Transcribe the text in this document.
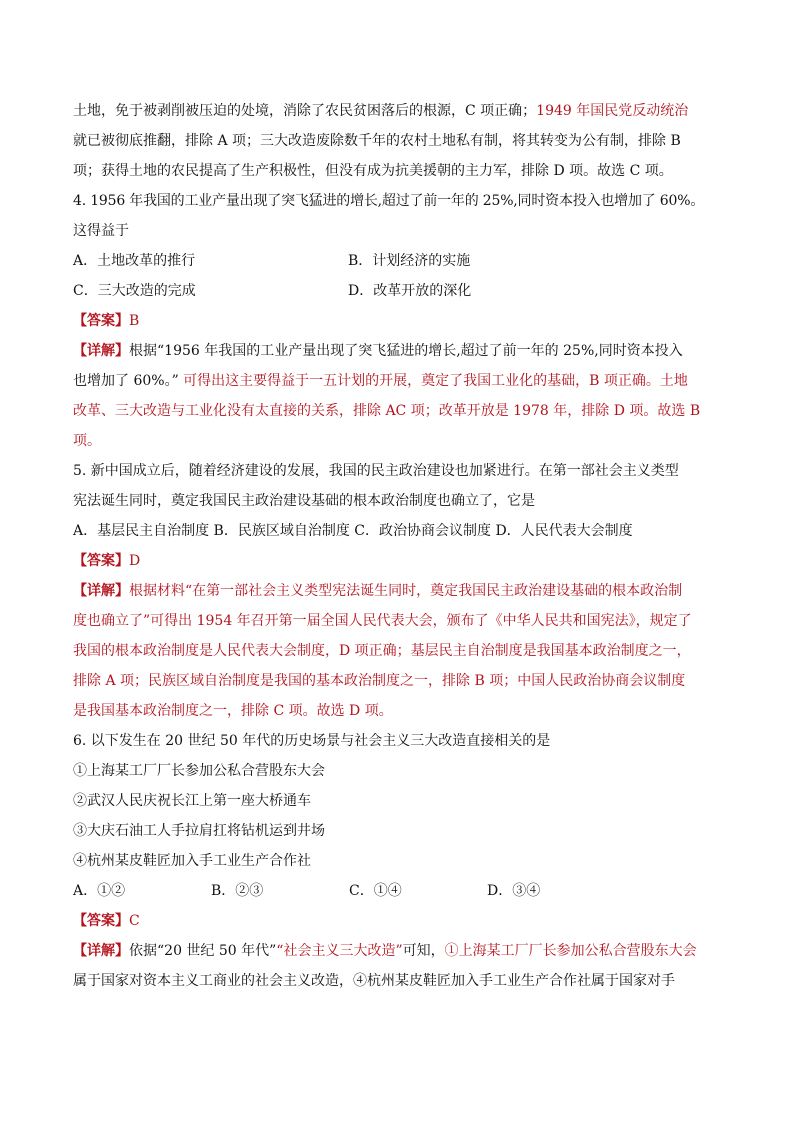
土地，免于被剥削被压迫的处境，消除了农民贫困落后的根源，C 项正确；1949 年国民党反动统治
就已被彻底推翻，排除 A 项；三大改造废除数千年的农村土地私有制，将其转变为公有制，排除 B
项；获得土地的农民提高了生产积极性，但没有成为抗美援朝的主力军，排除 D 项。故选 C 项。
4. 1956 年我国的工业产量出现了突飞猛进的增长,超过了前一年的 25%,同时资本投入也增加了 60%。
这得益于
A．土地改革的推行	B．计划经济的实施
C．三大改造的完成	D．改革开放的深化
【答案】B
【详解】根据“1956 年我国的工业产量出现了突飞猛进的增长,超过了前一年的 25%,同时资本投入
也增加了 60%。” 可得出这主要得益于一五计划的开展，奠定了我国工业化的基础，B 项正确。土地
改革、三大改造与工业化没有太直接的关系，排除 AC 项；改革开放是 1978 年，排除 D 项。故选 B
项。
5. 新中国成立后，随着经济建设的发展，我国的民主政治建设也加紧进行。在第一部社会主义类型
宪法诞生同时，奠定我国民主政治建设基础的根本政治制度也确立了，它是
A．基层民主自治制度 B．民族区域自治制度 C．政治协商会议制度 D．人民代表大会制度
【答案】D
【详解】根据材料“在第一部社会主义类型宪法诞生同时，奠定我国民主政治建设基础的根本政治制
度也确立了”可得出 1954 年召开第一届全国人民代表大会，颁布了《中华人民共和国宪法》，规定了
我国的根本政治制度是人民代表大会制度，D 项正确；基层民主自治制度是我国基本政治制度之一，
排除 A 项；民族区域自治制度是我国的基本政治制度之一，排除 B 项；中国人民政治协商会议制度
是我国基本政治制度之一，排除 C 项。故选 D 项。
6. 以下发生在 20 世纪 50 年代的历史场景与社会主义三大改造直接相关的是
①上海某工厂厂长参加公私合营股东大会
②武汉人民庆祝长江上第一座大桥通车
③大庆石油工人手拉肩扛将钻机运到井场
④杭州某皮鞋匠加入手工业生产合作社
A．①②	B．②③	C．①④	D．③④
【答案】C
【详解】依据“20 世纪 50 年代”“社会主义三大改造”可知，①上海某工厂厂长参加公私合营股东大会
属于国家对资本主义工商业的社会主义改造，④杭州某皮鞋匠加入手工业生产合作社属于国家对手
